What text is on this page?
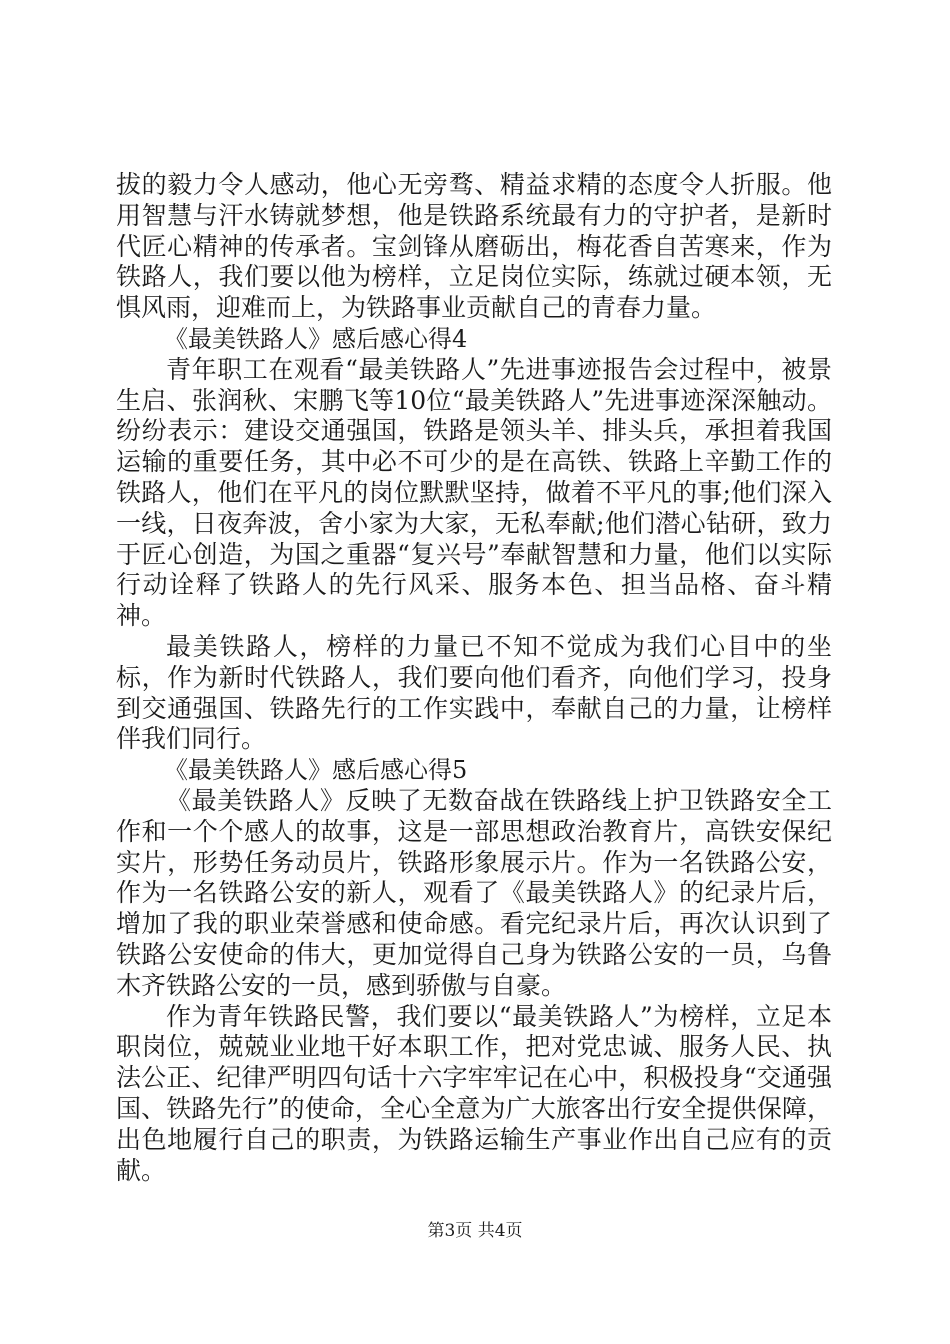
拔的毅力令人感动，他心无旁骛、精益求精的态度令人折服。他用智慧与汗水铸就梦想，他是铁路系统最有力的守护者，是新时代匠心精神的传承者。宝剑锋从磨砺出，梅花香自苦寒来，作为铁路人，我们要以他为榜样，立足岗位实际，练就过硬本领，无惧风雨，迎难而上，为铁路事业贡献自己的青春力量。

《最美铁路人》感后感心得4

青年职工在观看“最美铁路人”先进事迹报告会过程中，被景生启、张润秋、宋鹏飞等10位“最美铁路人”先进事迹深深触动。纷纷表示：建设交通强国，铁路是领头羊、排头兵，承担着我国运输的重要任务，其中必不可少的是在高铁、铁路上辛勤工作的铁路人，他们在平凡的岗位默默坚持，做着不平凡的事;他们深入一线，日夜奔波，舍小家为大家，无私奉献;他们潜心钻研，致力于匠心创造，为国之重器“复兴号”奉献智慧和力量，他们以实际行动诠释了铁路人的先行风采、服务本色、担当品格、奋斗精神。

最美铁路人，榜样的力量已不知不觉成为我们心目中的坐标，作为新时代铁路人，我们要向他们看齐，向他们学习，投身到交通强国、铁路先行的工作实践中，奉献自己的力量，让榜样伴我们同行。

《最美铁路人》感后感心得5

《最美铁路人》反映了无数奋战在铁路线上护卫铁路安全工作和一个个感人的故事，这是一部思想政治教育片，高铁安保纪实片，形势任务动员片，铁路形象展示片。作为一名铁路公安，作为一名铁路公安的新人，观看了《最美铁路人》的纪录片后，增加了我的职业荣誉感和使命感。看完纪录片后，再次认识到了铁路公安使命的伟大，更加觉得自己身为铁路公安的一员，乌鲁木齐铁路公安的一员，感到骄傲与自豪。

作为青年铁路民警，我们要以“最美铁路人”为榜样，立足本职岗位，兢兢业业地干好本职工作，把对党忠诚、服务人民、执法公正、纪律严明四句话十六字牢牢记在心中，积极投身“交通强国、铁路先行”的使命，全心全意为广大旅客出行安全提供保障，出色地履行自己的职责，为铁路运输生产事业作出自己应有的贡献。

第3页 共4页
